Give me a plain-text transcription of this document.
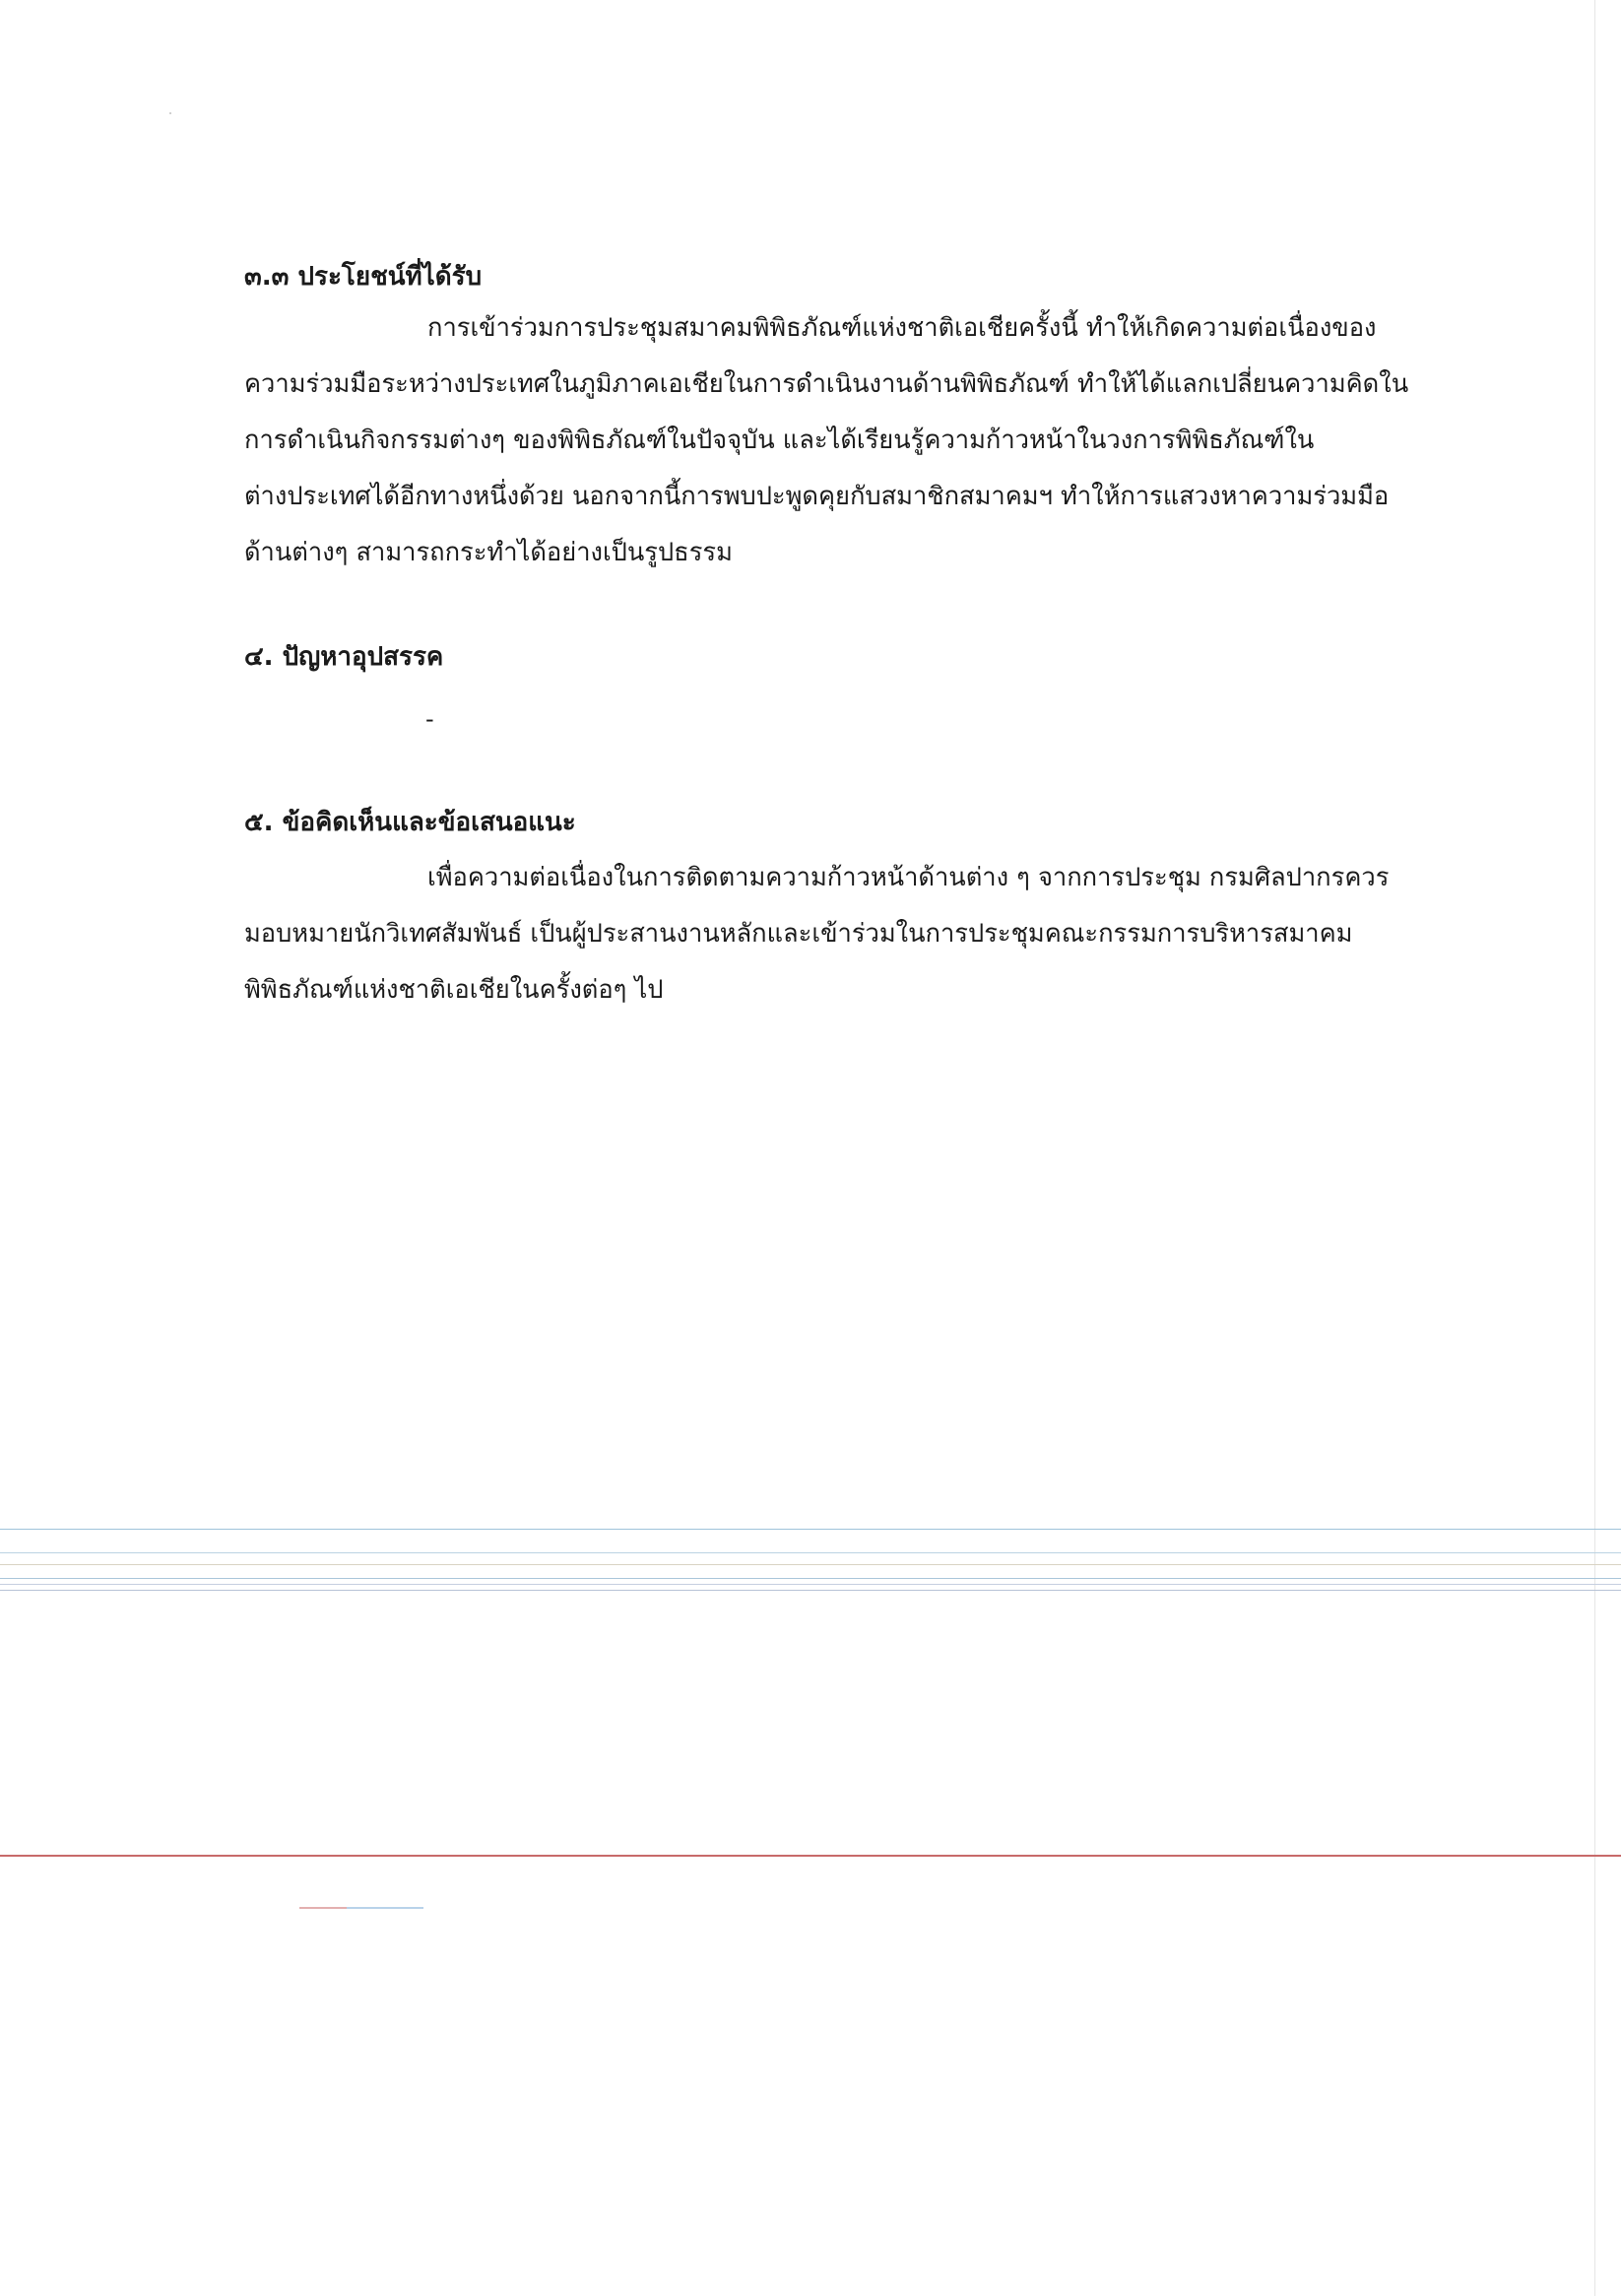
๓.๓ ประโยชน์ที่ได้รับ
การเข้าร่วมการประชุมสมาคมพิพิธภัณฑ์แห่งชาติเอเชียครั้งนี้ ทำให้เกิดความต่อเนื่องของ
ความร่วมมือระหว่างประเทศในภูมิภาคเอเชียในการดำเนินงานด้านพิพิธภัณฑ์ ทำให้ได้แลกเปลี่ยนความคิดใน
การดำเนินกิจกรรมต่างๆ ของพิพิธภัณฑ์ในปัจจุบัน และได้เรียนรู้ความก้าวหน้าในวงการพิพิธภัณฑ์ใน
ต่างประเทศได้อีกทางหนึ่งด้วย นอกจากนี้การพบปะพูดคุยกับสมาชิกสมาคมฯ ทำให้การแสวงหาความร่วมมือ
ด้านต่างๆ สามารถกระทำได้อย่างเป็นรูปธรรม
๔. ปัญหาอุปสรรค
-
๕. ข้อคิดเห็นและข้อเสนอแนะ
เพื่อความต่อเนื่องในการติดตามความก้าวหน้าด้านต่าง ๆ จากการประชุม กรมศิลปากรควร
มอบหมายนักวิเทศสัมพันธ์ เป็นผู้ประสานงานหลักและเข้าร่วมในการประชุมคณะกรรมการบริหารสมาคม
พิพิธภัณฑ์แห่งชาติเอเชียในครั้งต่อๆ ไป
